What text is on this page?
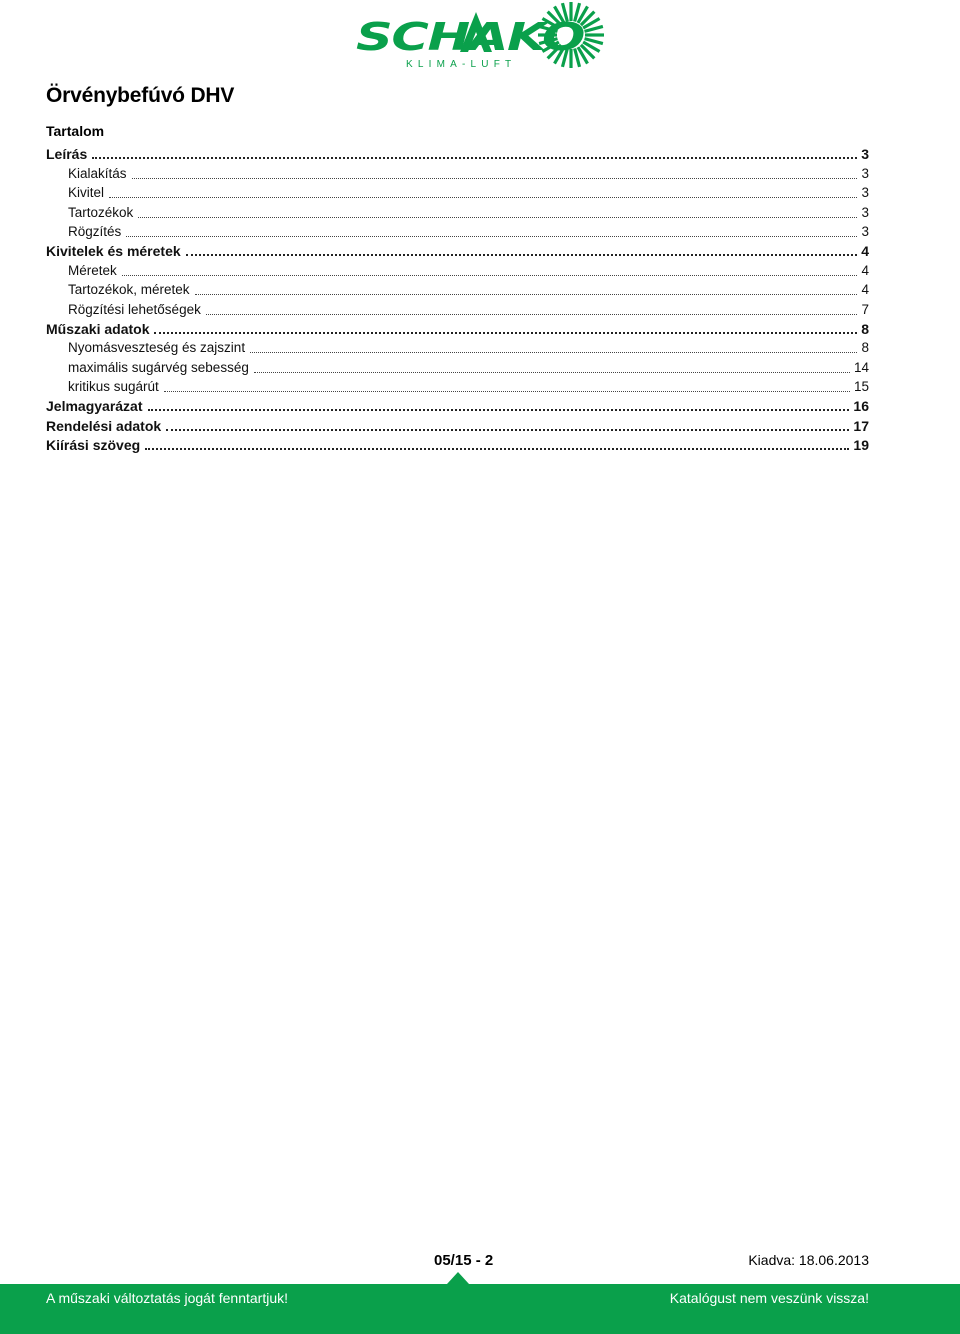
SCHAKO
KLIMA-LUFT
Örvénybefúvó DHV
Tartalom
Leírás	3
Kialakítás	3
Kivitel	3
Tartozékok	3
Rögzítés	3
Kivitelek és méretek	4
Méretek	4
Tartozékok, méretek	4
Rögzítési lehetőségek	7
Műszaki adatok	8
Nyomásveszteség és zajszint	8
maximális sugárvég sebesség	14
kritikus sugárút	15
Jelmagyarázat	16
Rendelési adatok	17
Kiírási szöveg	19
05/15 - 2	Kiadva: 18.06.2013
A műszaki változtatás jogát fenntartjuk!	Katalógust nem veszünk vissza!
